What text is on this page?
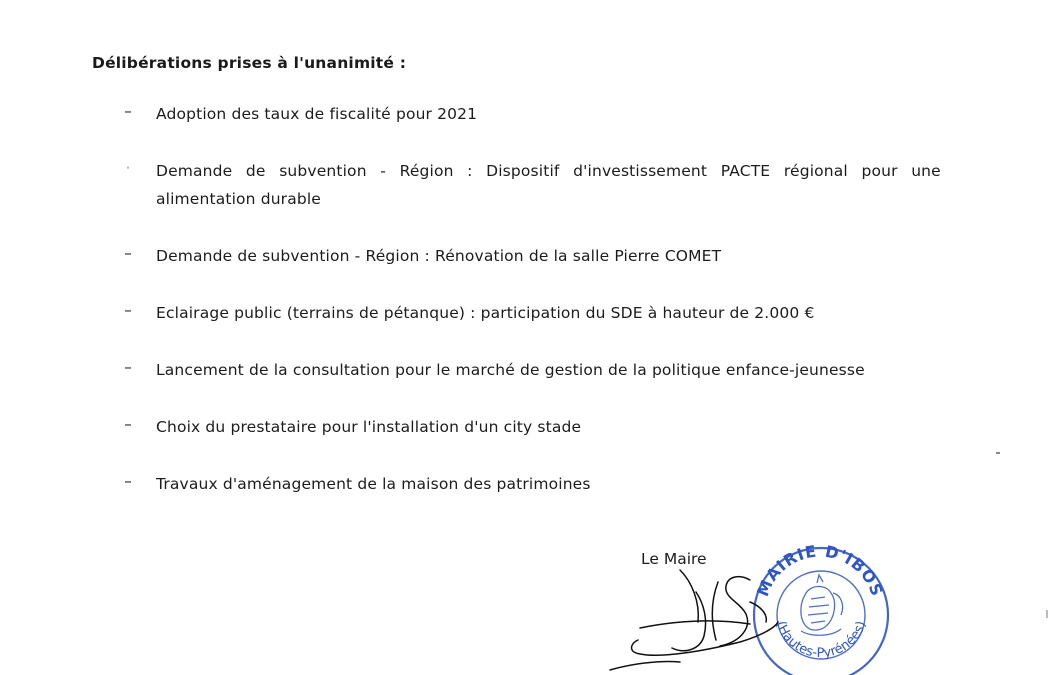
Délibérations prises à l'unanimité :
– Adoption des taux de fiscalité pour 2021
·	Demande de subvention - Région : Dispositif d'investissement PACTE régional pour une
alimentation durable
– Demande de subvention - Région : Rénovation de la salle Pierre COMET
– Eclairage public (terrains de pétanque) : participation du SDE à hauteur de 2.000 €
– Lancement de la consultation pour le marché de gestion de la politique enfance-jeunesse
– Choix du prestataire pour l'installation d'un city stade
– Travaux d'aménagement de la maison des patrimoines
MAIRIE D'IBOS
(Hautes-Pyrénées)
Le Maire
